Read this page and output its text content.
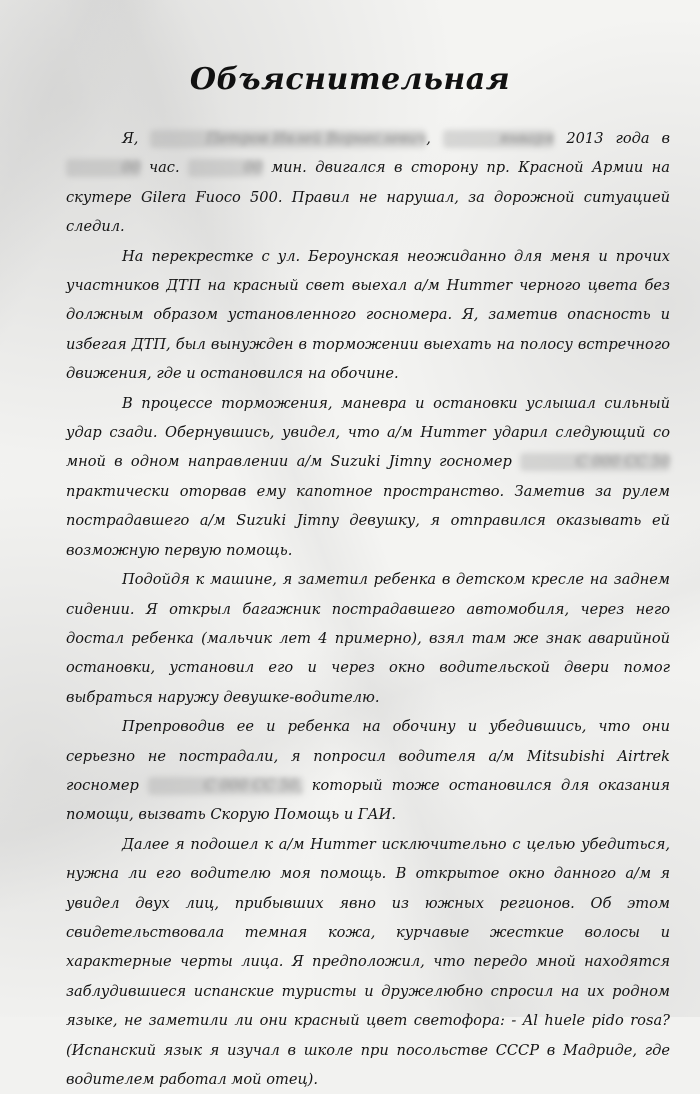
Объяснительная

Я,	Петров Ивлей Ворнеслевич,	января 2013 года в 00 час.	00 мин. двигался в сторону пр. Красной Армии на скутере Gilera Fuoco 500. Правил не нарушал, за дорожной ситуацией следил.

На перекрестке с ул. Бероунская неожиданно для меня и прочих участников ДТП на красный свет выехал а/м Hummer черного цвета без должным образом установленного госномера. Я, заметив опасность и избегая ДТП, был вынужден в торможении выехать на полосу встречного движения, где и остановился на обочине.

В процессе торможения, маневра и остановки услышал сильный удар сзади. Обернувшись, увидел, что а/м Hummer ударил следующий со мной в одном направлении а/м Suzuki Jimny госномер	С 000 СС 50 практически оторвав ему капотное пространство. Заметив за рулем пострадавшего а/м Suzuki Jimny девушку, я отправился оказывать ей возможную первую помощь.

Подойдя к машине, я заметил ребенка в детском кресле на заднем сидении. Я открыл багажник пострадавшего автомобиля, через него достал ребенка (мальчик лет 4 примерно), взял там же знак аварийной остановки, установил его и через окно водительской двери помог выбраться наружу девушке-водителю.

Препроводив ее и ребенка на обочину и убедившись, что они серьезно не пострадали, я попросил водителя а/м Mitsubishi Airtrek госномер	С 000 СС 50, который тоже остановился для оказания помощи, вызвать Скорую Помощь и ГАИ.

Далее я подошел к а/м Hummer исключительно с целью убедиться, нужна ли его водителю моя помощь. В открытое окно данного а/м я увидел двух лиц, прибывших явно из южных регионов. Об этом свидетельствовала темная кожа, курчавые жесткие волосы и характерные черты лица. Я предположил, что передо мной находятся заблудившиеся испанские туристы и дружелюбно спросил на их родном языке, не заметили ли они красный цвет светофора: - Al huele pido rosa? (Испанский язык я изучал в школе при посольстве СССР в Мадриде, где водителем работал мой отец).
